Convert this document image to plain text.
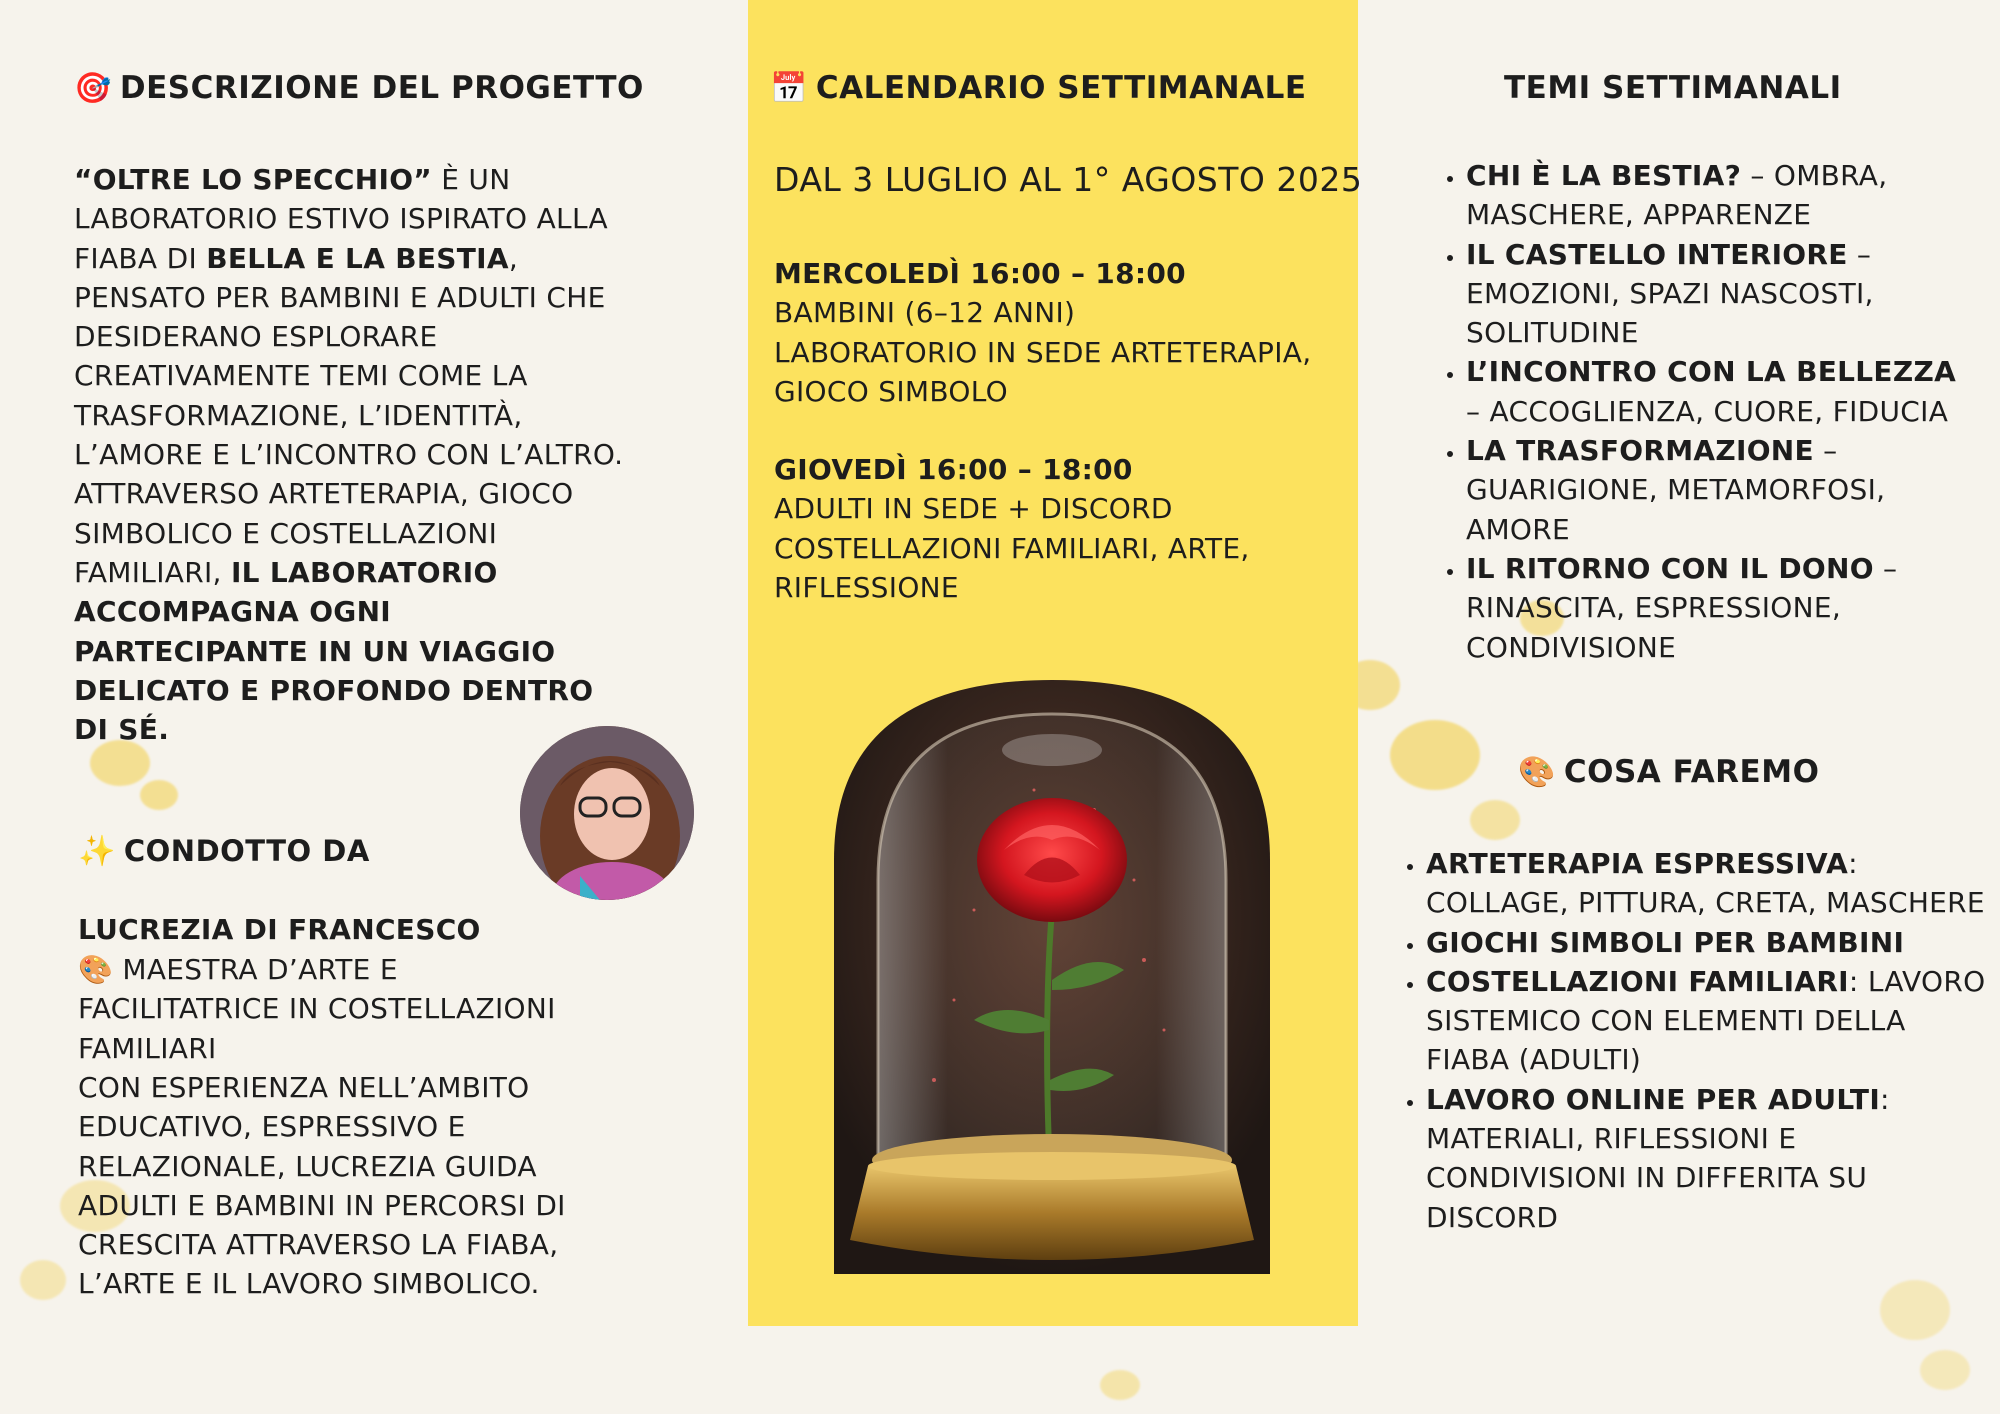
🎯 DESCRIZIONE DEL PROGETTO

“OLTRE LO SPECCHIO” È UN LABORATORIO ESTIVO ISPIRATO ALLA FIABA DI BELLA E LA BESTIA, PENSATO PER BAMBINI E ADULTI CHE DESIDERANO ESPLORARE CREATIVAMENTE TEMI COME LA TRASFORMAZIONE, L’IDENTITÀ, L’AMORE E L’INCONTRO CON L’ALTRO. ATTRAVERSO ARTETERAPIA, GIOCO SIMBOLICO E COSTELLAZIONI FAMILIARI, IL LABORATORIO ACCOMPAGNA OGNI PARTECIPANTE IN UN VIAGGIO DELICATO E PROFONDO DENTRO DI SÉ.

✨ CONDOTTO DA

LUCREZIA DI FRANCESCO

🎨 MAESTRA D’ARTE E FACILITATRICE IN COSTELLAZIONI FAMILIARI

CON ESPERIENZA NELL’AMBITO EDUCATIVO, ESPRESSIVO E RELAZIONALE, LUCREZIA GUIDA ADULTI E BAMBINI IN PERCORSI DI CRESCITA ATTRAVERSO LA FIABA, L’ARTE E IL LAVORO SIMBOLICO.

📅 CALENDARIO SETTIMANALE

DAL 3 LUGLIO AL 1° AGOSTO 2025

MERCOLEDÌ 16:00 – 18:00

BAMBINI (6–12 ANNI)

LABORATORIO IN SEDE ARTETERAPIA, GIOCO SIMBOLO

GIOVEDÌ 16:00 – 18:00

ADULTI IN SEDE + DISCORD

COSTELLAZIONI FAMILIARI, ARTE, RIFLESSIONE

TEMI SETTIMANALI
• CHI È LA BESTIA? – OMBRA, MASCHERE, APPARENZE
• IL CASTELLO INTERIORE – EMOZIONI, SPAZI NASCOSTI, SOLITUDINE
• L’INCONTRO CON LA BELLEZZA – ACCOGLIENZA, CUORE, FIDUCIA
• LA TRASFORMAZIONE – GUARIGIONE, METAMORFOSI, AMORE
• IL RITORNO CON IL DONO – RINASCITA, ESPRESSIONE, CONDIVISIONE
🎨 COSA FAREMO
• ARTETERAPIA ESPRESSIVA: COLLAGE, PITTURA, CRETA, MASCHERE
• GIOCHI SIMBOLI PER BAMBINI
• COSTELLAZIONI FAMILIARI: LAVORO SISTEMICO CON ELEMENTI DELLA FIABA (ADULTI)
• LAVORO ONLINE PER ADULTI: MATERIALI, RIFLESSIONI E CONDIVISIONI IN DIFFERITA SU DISCORD
